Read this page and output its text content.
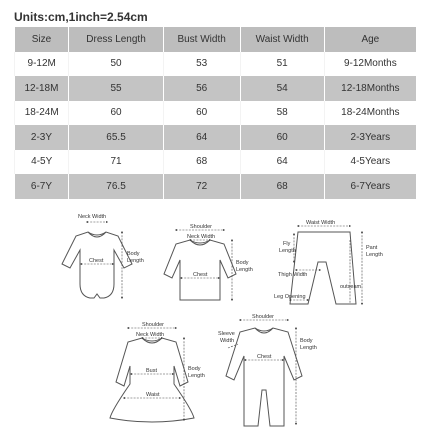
Units:cm,1inch=2.54cm
Size	Dress Length	Bust Width	Waist Width	Age
9-12M	50	53	51	9-12Months
12-18M	55	56	54	12-18Months
18-24M	60	60	58	18-24Months
2-3Y	65.5	64	60	2-3Years
4-5Y	71	68	64	4-5Years
6-7Y	76.5	72	68	6-7Years
Neck Width
Chest
Body
Length
Shoulder
Neck Width
Chest
Body
Length
Waist Width
Fly
Length
Thigh Width
Leg Opening
outseam
Pant
Length
Shoulder
Neck Width
Bust
Waist
Body
Length
Shoulder
Sleeve
Width
Chest
Body
Length
